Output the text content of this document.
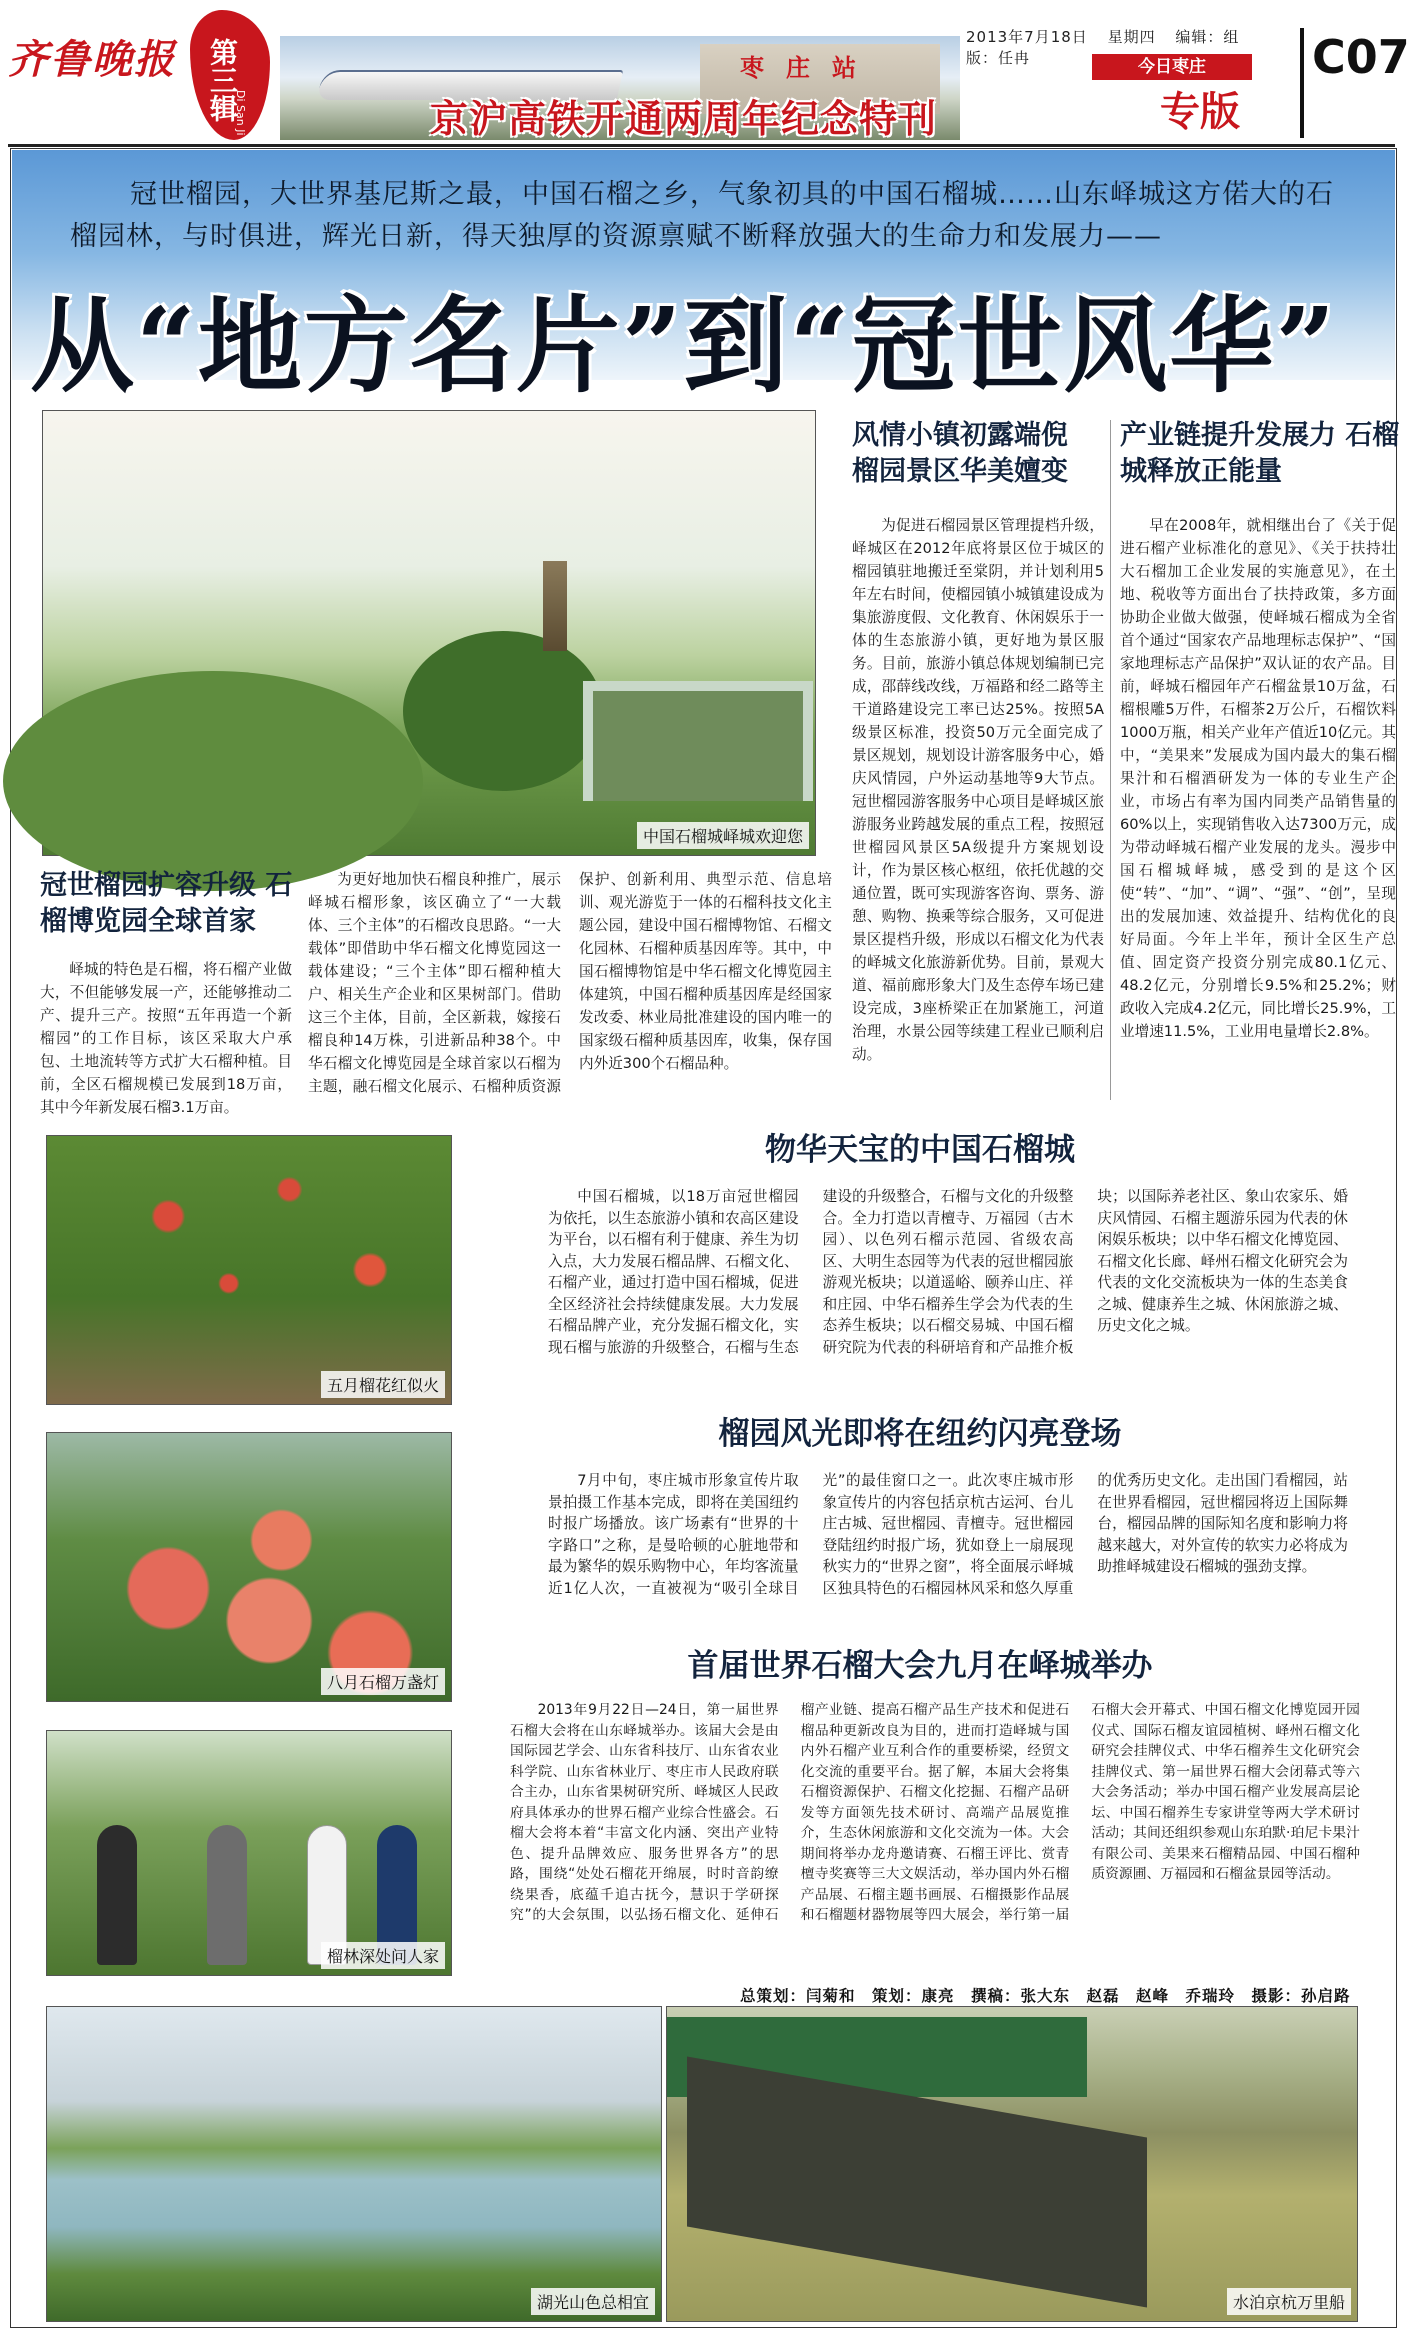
齐鲁晚报 第三辑
Di San Ji
枣庄站
京沪高铁开通两周年纪念特刊
2013年7月18日 星期四 编辑：组版：任冉	今日枣庄
专版
C07
冠世榴园，大世界基尼斯之最，中国石榴之乡，气象初具的中国石榴城……山东峄城这方偌大的石榴园林，与时俱进，辉光日新，得天独厚的资源禀赋不断释放强大的生命力和发展力——
从“地方名片”到“冠世风华”
中国石榴城峄城欢迎您
风情小镇初露端倪 榴园景区华美嬗变
产业链提升发展力 石榴城释放正能量
为促进石榴园景区管理提档升级，峄城区在2012年底将景区位于城区的榴园镇驻地搬迁至棠阴，并计划利用5年左右时间，使榴园镇小城镇建设成为集旅游度假、文化教育、休闲娱乐于一体的生态旅游小镇，更好地为景区服务。目前，旅游小镇总体规划编制已完成，邵薛线改线，万福路和经二路等主干道路建设完工率已达25%。按照5A级景区标准，投资50万元全面完成了景区规划，规划设计游客服务中心，婚庆风情园，户外运动基地等9大节点。冠世榴园游客服务中心项目是峄城区旅游服务业跨越发展的重点工程，按照冠世榴园风景区5A级提升方案规划设计，作为景区核心枢纽，依托优越的交通位置，既可实现游客咨询、票务、游憩、购物、换乘等综合服务，又可促进景区提档升级，形成以石榴文化为代表的峄城文化旅游新优势。目前，景观大道、福前廊形象大门及生态停车场已建设完成，3座桥梁正在加紧施工，河道治理，水景公园等续建工程业已顺利启动。
早在2008年，就相继出台了《关于促进石榴产业标准化的意见》、《关于扶持壮大石榴加工企业发展的实施意见》，在土地、税收等方面出台了扶持政策，多方面协助企业做大做强，使峄城石榴成为全省首个通过“国家农产品地理标志保护”、“国家地理标志产品保护”双认证的农产品。目前，峄城石榴园年产石榴盆景10万盆，石榴根雕5万件，石榴茶2万公斤，石榴饮料1000万瓶，相关产业年产值近10亿元。其中，“美果来”发展成为国内最大的集石榴果汁和石榴酒研发为一体的专业生产企业，市场占有率为国内同类产品销售量的60%以上，实现销售收入达7300万元，成为带动峄城石榴产业发展的龙头。漫步中国石榴城峄城，感受到的是这个区使“转”、“加”、“调”、“强”、“创”，呈现出的发展加速、效益提升、结构优化的良好局面。今年上半年，预计全区生产总值、固定资产投资分别完成80.1亿元、48.2亿元，分别增长9.5%和25.2%；财政收入完成4.2亿元，同比增长25.9%，工业增速11.5%，工业用电量增长2.8%。
冠世榴园扩容升级 石榴博览园全球首家
峄城的特色是石榴，将石榴产业做大，不但能够发展一产，还能够推动二产、提升三产。按照“五年再造一个新榴园”的工作目标，该区采取大户承包、土地流转等方式扩大石榴种植。目前，全区石榴规模已发展到18万亩，其中今年新发展石榴3.1万亩。
为更好地加快石榴良种推广，展示峄城石榴形象，该区确立了“一大载体、三个主体”的石榴改良思路。“一大载体”即借助中华石榴文化博览园这一载体建设；“三个主体”即石榴种植大户、相关生产企业和区果树部门。借助这三个主体，目前，全区新栽，嫁接石榴良种14万株，引进新品种38个。中华石榴文化博览园是全球首家以石榴为主题，融石榴文化展示、石榴种质资源保护、创新利用、典型示范、信息培训、观光游览于一体的石榴科技文化主题公园，建设中国石榴博物馆、石榴文化园林、石榴种质基因库等。其中，中国石榴博物馆是中华石榴文化博览园主体建筑，中国石榴种质基因库是经国家发改委、林业局批准建设的国内唯一的国家级石榴种质基因库，收集，保存国内外近300个石榴品种。
五月榴花红似火
物华天宝的中国石榴城
中国石榴城，以18万亩冠世榴园为依托，以生态旅游小镇和农高区建设为平台，以石榴有利于健康、养生为切入点，大力发展石榴品牌、石榴文化、石榴产业，通过打造中国石榴城，促进全区经济社会持续健康发展。大力发展石榴品牌产业，充分发掘石榴文化，实现石榴与旅游的升级整合，石榴与生态建设的升级整合，石榴与文化的升级整合。全力打造以青檀寺、万福园（古木园）、以色列石榴示范园、省级农高区、大明生态园等为代表的冠世榴园旅游观光板块；以道遥峪、颐养山庄、祥和庄园、中华石榴养生学会为代表的生态养生板块；以石榴交易城、中国石榴研究院为代表的科研培育和产品推介板块；以国际养老社区、象山农家乐、婚庆风情园、石榴主题游乐园为代表的休闲娱乐板块；以中华石榴文化博览园、石榴文化长廊、峄州石榴文化研究会为代表的文化交流板块为一体的生态美食之城、健康养生之城、休闲旅游之城、历史文化之城。
八月石榴万盏灯
榴园风光即将在纽约闪亮登场
7月中旬，枣庄城市形象宣传片取景拍摄工作基本完成，即将在美国纽约时报广场播放。该广场素有“世界的十字路口”之称，是曼哈顿的心脏地带和最为繁华的娱乐购物中心，年均客流量近1亿人次，一直被视为“吸引全球目光”的最佳窗口之一。此次枣庄城市形象宣传片的内容包括京杭古运河、台儿庄古城、冠世榴园、青檀寺。冠世榴园登陆纽约时报广场，犹如登上一扇展现秋实力的“世界之窗”，将全面展示峄城区独具特色的石榴园林风采和悠久厚重的优秀历史文化。走出国门看榴园，站在世界看榴园，冠世榴园将迈上国际舞台，榴园品牌的国际知名度和影响力将越来越大，对外宣传的软实力必将成为助推峄城建设石榴城的强劲支撑。
榴林深处问人家
首届世界石榴大会九月在峄城举办
2013年9月22日—24日，第一届世界石榴大会将在山东峄城举办。该届大会是由国际园艺学会、山东省科技厅、山东省农业科学院、山东省林业厅、枣庄市人民政府联合主办，山东省果树研究所、峄城区人民政府具体承办的世界石榴产业综合性盛会。石榴大会将本着“丰富文化内涵、突出产业特色、提升品牌效应、服务世界各方”的思路，围绕“处处石榴花开绵展，时时音韵缭绕果香，底蕴千追古抚今，慧识于学研探究”的大会氛围，以弘扬石榴文化、延伸石榴产业链、提高石榴产品生产技术和促进石榴品种更新改良为目的，进而打造峄城与国内外石榴产业互利合作的重要桥梁，经贸文化交流的重要平台。据了解，本届大会将集石榴资源保护、石榴文化挖掘、石榴产品研发等方面领先技术研讨、高端产品展览推介，生态休闲旅游和文化交流为一体。大会期间将举办龙舟邀请赛、石榴王评比、赏青檀寺奖赛等三大文娱活动，举办国内外石榴产品展、石榴主题书画展、石榴摄影作品展和石榴题材器物展等四大展会，举行第一届石榴大会开幕式、中国石榴文化博览园开园仪式、国际石榴友谊园植树、峄州石榴文化研究会挂牌仪式、中华石榴养生文化研究会挂牌仪式、第一届世界石榴大会闭幕式等六大会务活动；举办中国石榴产业发展高层论坛、中国石榴养生专家讲堂等两大学术研讨活动；其间还组织参观山东珀默·珀尼卡果汁有限公司、美果来石榴精品园、中国石榴种质资源圃、万福园和石榴盆景园等活动。
总策划：闫菊和　策划：康亮　撰稿：张大东　赵磊　赵峰　乔瑞玲　摄影：孙启路
湖光山色总相宜	水泊京杭万里船
